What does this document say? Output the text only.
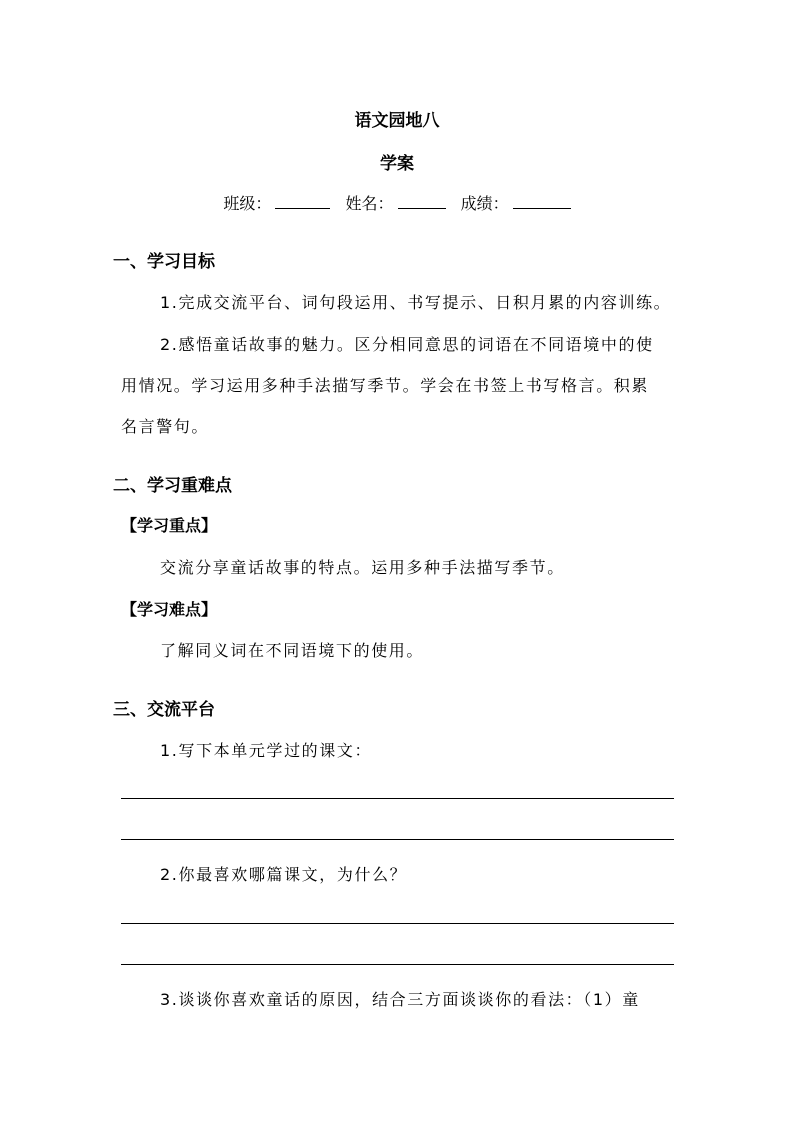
语文园地八
学案
班级：	姓名：	成绩：
一、学习目标
1.完成交流平台、词句段运用、书写提示、日积月累的内容训练。
2.感悟童话故事的魅力。区分相同意思的词语在不同语境中的使
用情况。学习运用多种手法描写季节。学会在书签上书写格言。积累
名言警句。
二、学习重难点
【学习重点】
交流分享童话故事的特点。运用多种手法描写季节。
【学习难点】
了解同义词在不同语境下的使用。
三、交流平台
1.写下本单元学过的课文：
2.你最喜欢哪篇课文，为什么？
3.谈谈你喜欢童话的原因，结合三方面谈谈你的看法：（1）童
